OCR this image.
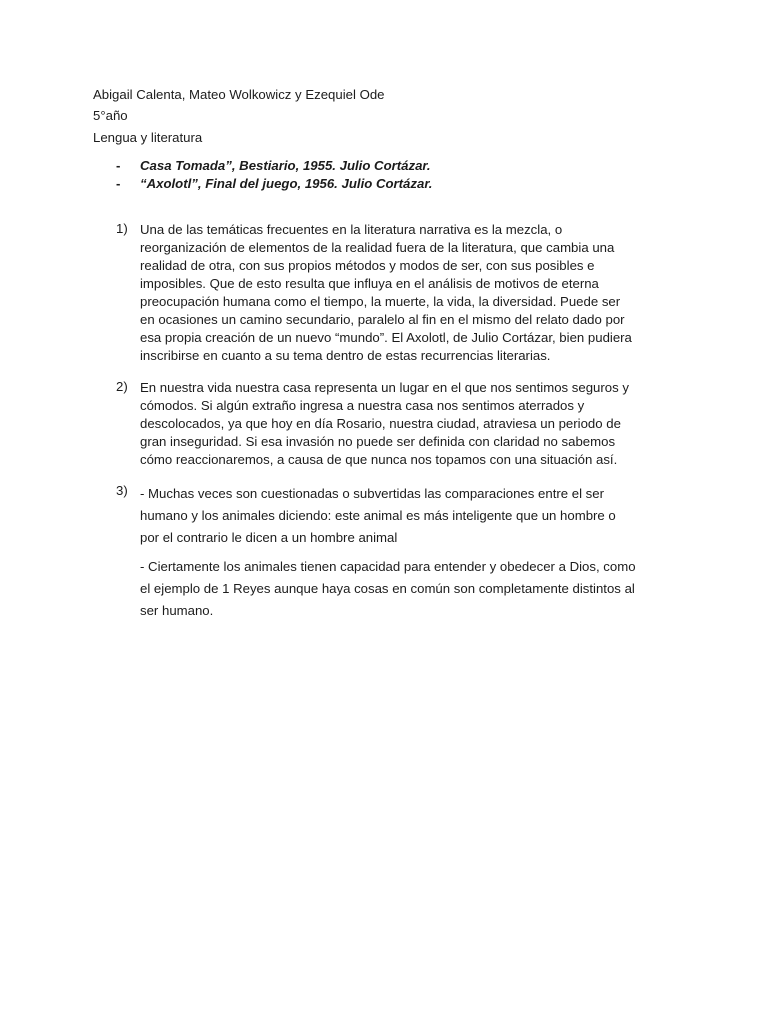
Abigail Calenta, Mateo Wolkowicz y Ezequiel Ode
5°año
Lengua y literatura
- Casa Tomada”, Bestiario, 1955. Julio Cortázar.
- “Axolotl”, Final del juego, 1956. Julio Cortázar.
1) Una de las temáticas frecuentes en la literatura narrativa es la mezcla, o
reorganización de elementos de la realidad fuera de la literatura, que cambia una
realidad de otra, con sus propios métodos y modos de ser, con sus posibles e
imposibles. Que de esto resulta que influya en el análisis de motivos de eterna
preocupación humana como el tiempo, la muerte, la vida, la diversidad. Puede ser
en ocasiones un camino secundario, paralelo al fin en el mismo del relato dado por
esa propia creación de un nuevo “mundo”. El Axolotl, de Julio Cortázar, bien pudiera
inscribirse en cuanto a su tema dentro de estas recurrencias literarias.
2) En nuestra vida nuestra casa representa un lugar en el que nos sentimos seguros y
cómodos. Si algún extraño ingresa a nuestra casa nos sentimos aterrados y
descolocados, ya que hoy en día Rosario, nuestra ciudad, atraviesa un periodo de
gran inseguridad. Si esa invasión no puede ser definida con claridad no sabemos
cómo reaccionaremos, a causa de que nunca nos topamos con una situación así.
3) - Muchas veces son cuestionadas o subvertidas las comparaciones entre el ser
humano y los animales diciendo: este animal es más inteligente que un hombre o
por el contrario le dicen a un hombre animal
- Ciertamente los animales tienen capacidad para entender y obedecer a Dios, como
el ejemplo de 1 Reyes aunque haya cosas en común son completamente distintos al
ser humano.
